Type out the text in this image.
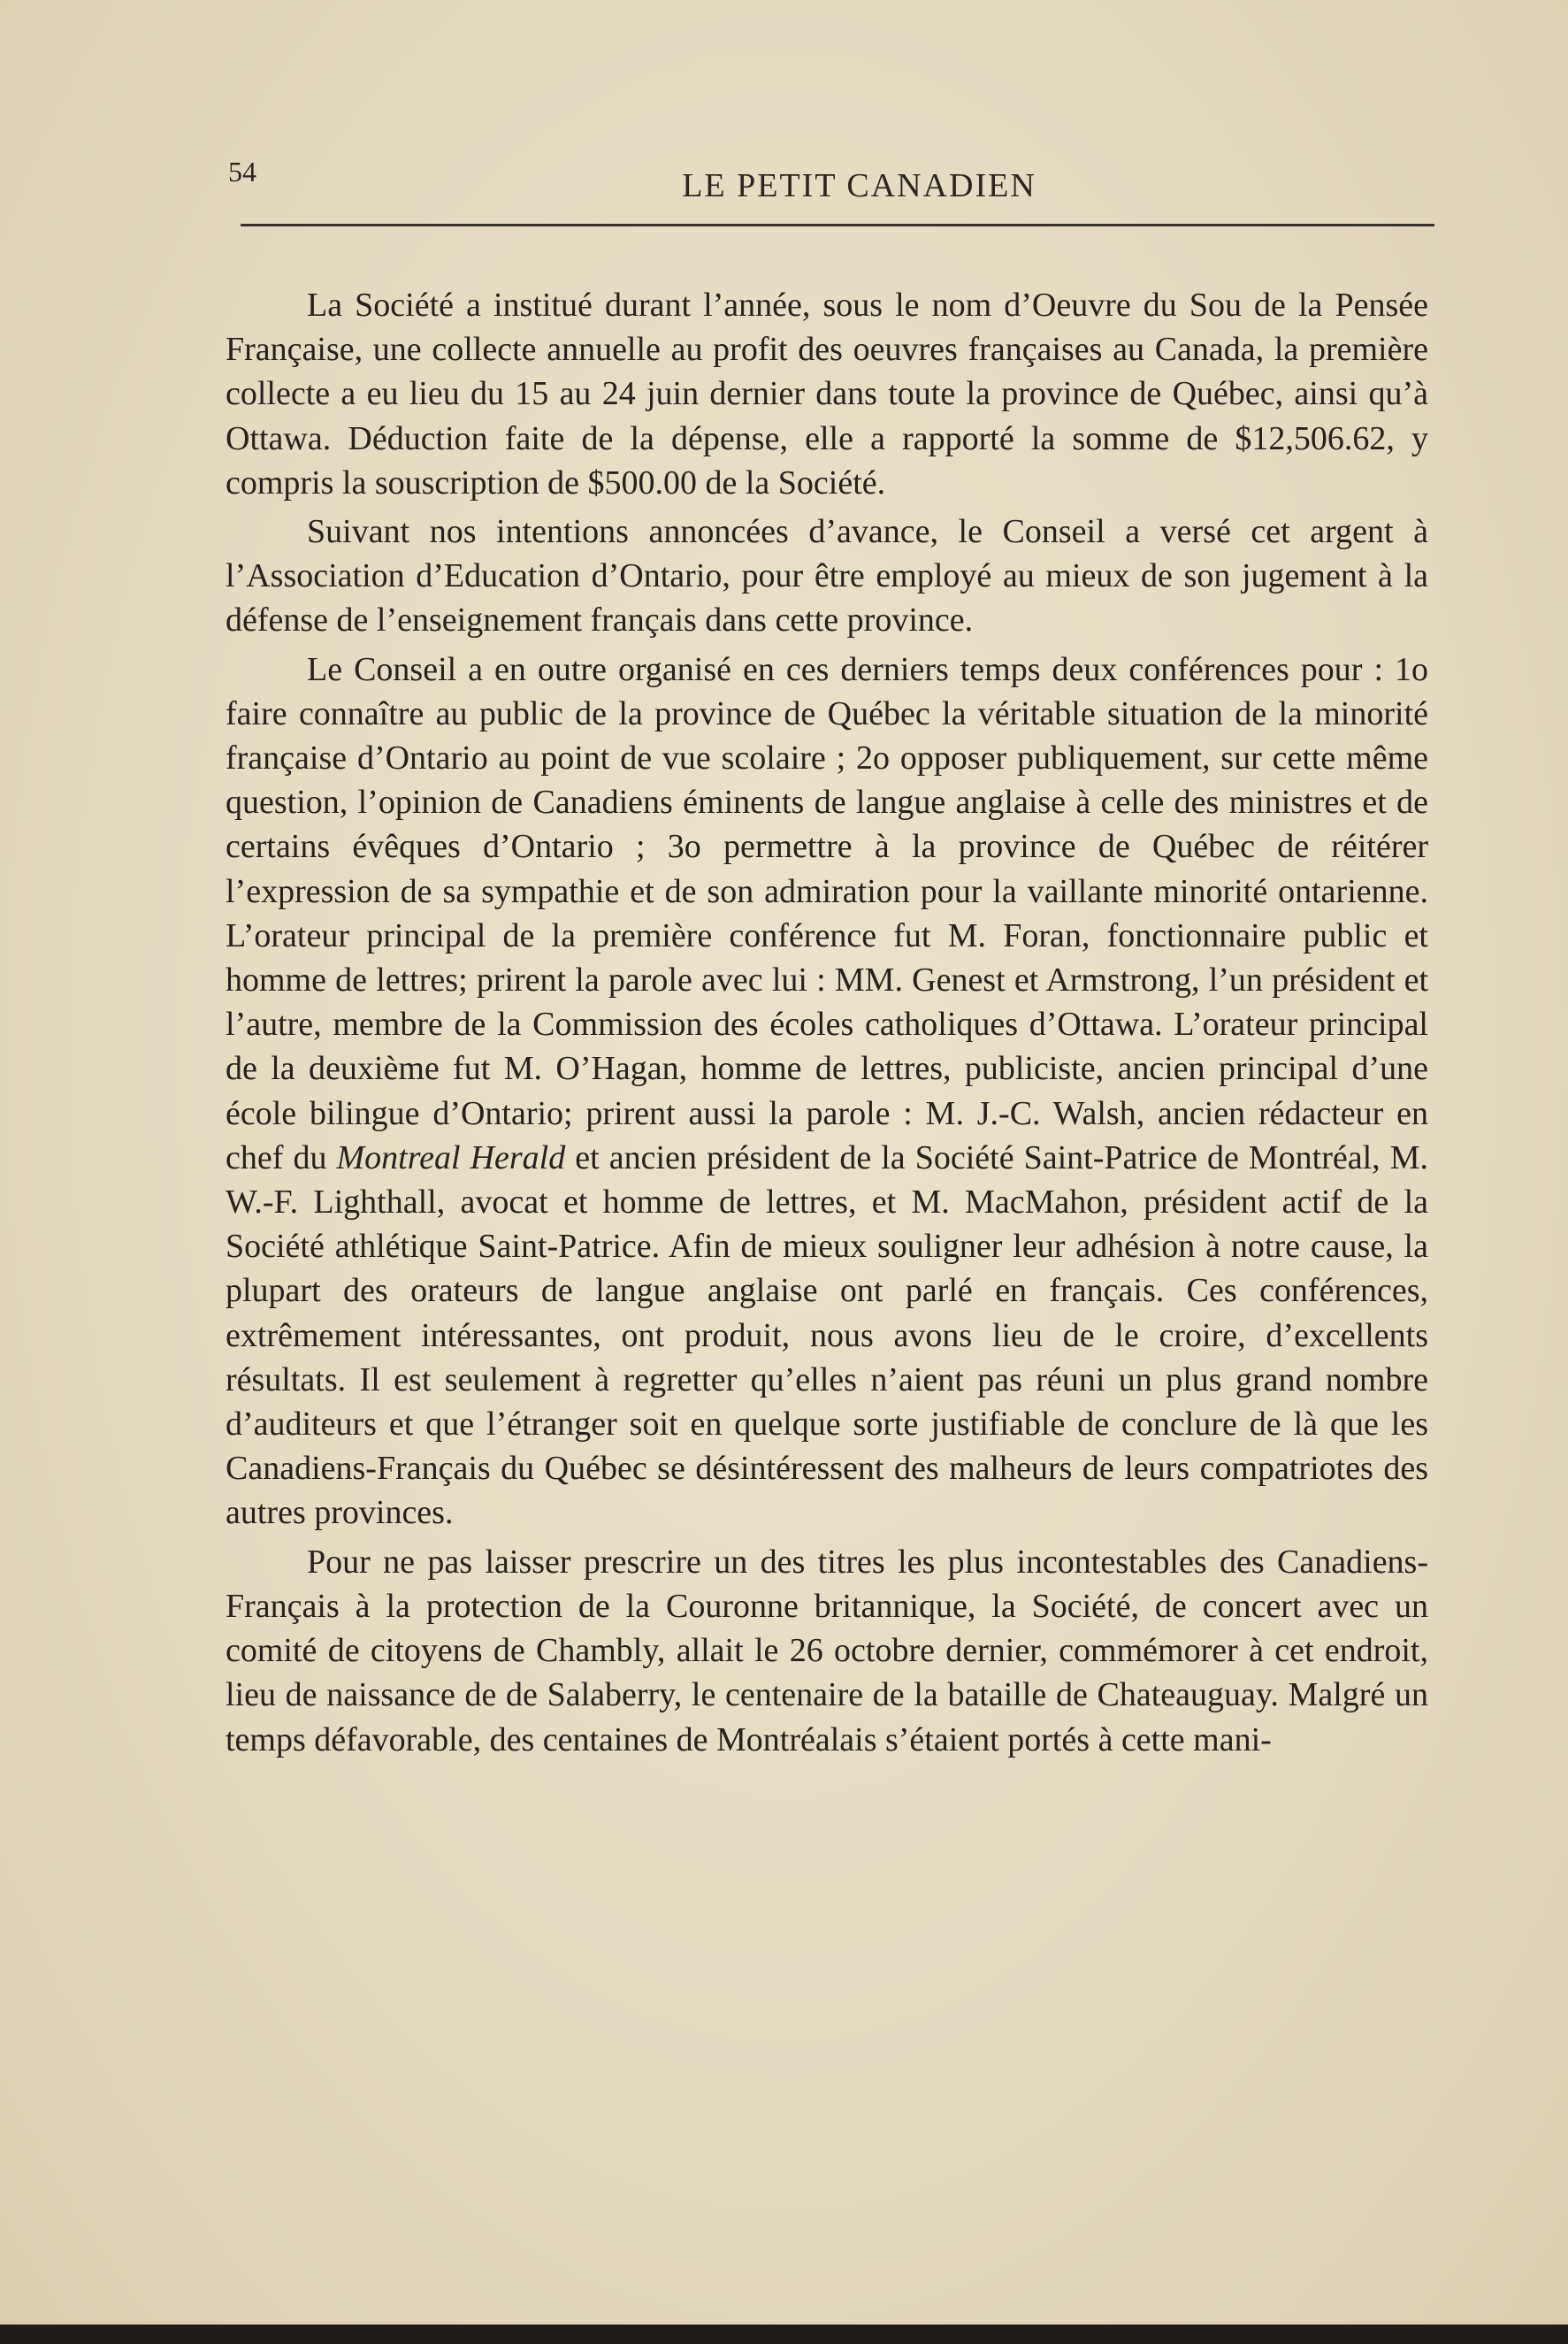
54	LE PETIT CANADIEN

La Société a institué durant l’année, sous le nom d’Oeuvre du Sou de la Pensée Française, une collecte annuelle au profit des oeuvres françaises au Canada, la première collecte a eu lieu du 15 au 24 juin dernier dans toute la province de Québec, ainsi qu’à Ottawa. Déduction faite de la dépense, elle a rapporté la somme de $12,506.62, y compris la souscription de $500.00 de la Société.

Suivant nos intentions annoncées d’avance, le Conseil a versé cet argent à l’Association d’Education d’Ontario, pour être employé au mieux de son jugement à la défense de l’enseignement français dans cette province.

Le Conseil a en outre organisé en ces derniers temps deux conférences pour : 1o faire connaître au public de la province de Québec la véritable situation de la minorité française d’Ontario au point de vue scolaire ; 2o opposer publiquement, sur cette même question, l’opinion de Canadiens éminents de langue anglaise à celle des ministres et de certains évêques d’Ontario ; 3o permettre à la province de Québec de réitérer l’expression de sa sympathie et de son admiration pour la vaillante minorité ontarienne. L’orateur principal de la première conférence fut M. Foran, fonctionnaire public et homme de lettres; prirent la parole avec lui : MM. Genest et Armstrong, l’un président et l’autre, membre de la Commission des écoles catholiques d’Ottawa. L’orateur principal de la deuxième fut M. O’Hagan, homme de lettres, publiciste, ancien principal d’une école bilingue d’Ontario; prirent aussi la parole : M. J.-C. Walsh, ancien rédacteur en chef du Montreal Herald et ancien président de la Société Saint-Patrice de Montréal, M. W.-F. Lighthall, avocat et homme de lettres, et M. MacMahon, président actif de la Société athlétique Saint-Patrice. Afin de mieux souligner leur adhésion à notre cause, la plupart des orateurs de langue anglaise ont parlé en français. Ces conférences, extrêmement intéressantes, ont produit, nous avons lieu de le croire, d’excellents résultats. Il est seulement à regretter qu’elles n’aient pas réuni un plus grand nombre d’auditeurs et que l’étranger soit en quelque sorte justifiable de conclure de là que les Canadiens-Français du Québec se désintéressent des malheurs de leurs compatriotes des autres provinces.

Pour ne pas laisser prescrire un des titres les plus incontestables des Canadiens-Français à la protection de la Couronne britannique, la Société, de concert avec un comité de citoyens de Chambly, allait le 26 octobre dernier, commémorer à cet endroit, lieu de naissance de de Salaberry, le centenaire de la bataille de Chateauguay. Malgré un temps défavorable, des centaines de Montréalais s’étaient portés à cette mani-
